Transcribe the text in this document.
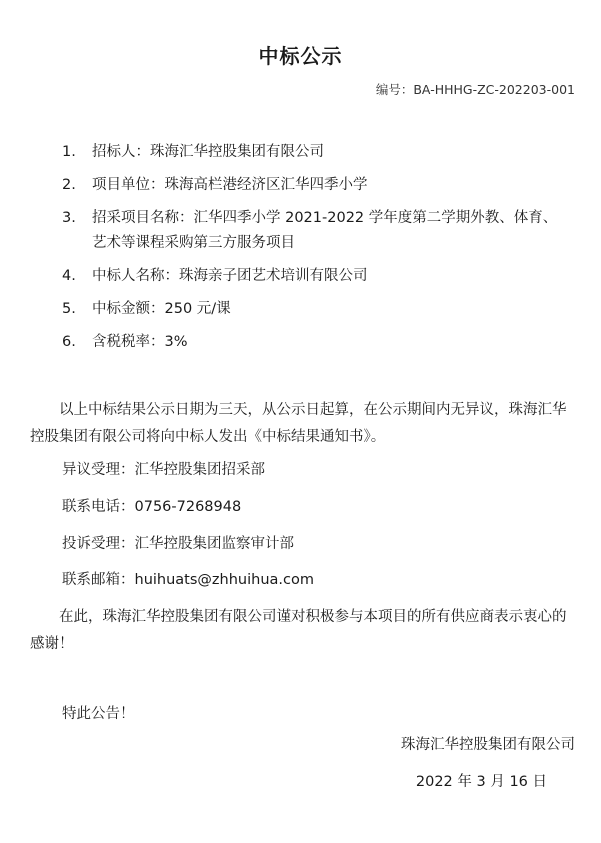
中标公示
编号：BA-HHHG-ZC-202203-001
1. 招标人：珠海汇华控股集团有限公司
2. 项目单位：珠海高栏港经济区汇华四季小学
3. 招采项目名称：汇华四季小学 2021-2022 学年度第二学期外教、体育、艺术等课程采购第三方服务项目
4. 中标人名称：珠海亲子团艺术培训有限公司
5. 中标金额：250 元/课
6. 含税税率：3%

以上中标结果公示日期为三天，从公示日起算，在公示期间内无异议，珠海汇华控股集团有限公司将向中标人发出《中标结果通知书》。

异议受理：汇华控股集团招采部

联系电话：0756-7268948

投诉受理：汇华控股集团监察审计部

联系邮箱：huihuats@zhhuihua.com

在此，珠海汇华控股集团有限公司谨对积极参与本项目的所有供应商表示衷心的感谢！

特此公告！

珠海汇华控股集团有限公司

2022 年 3 月 16 日
